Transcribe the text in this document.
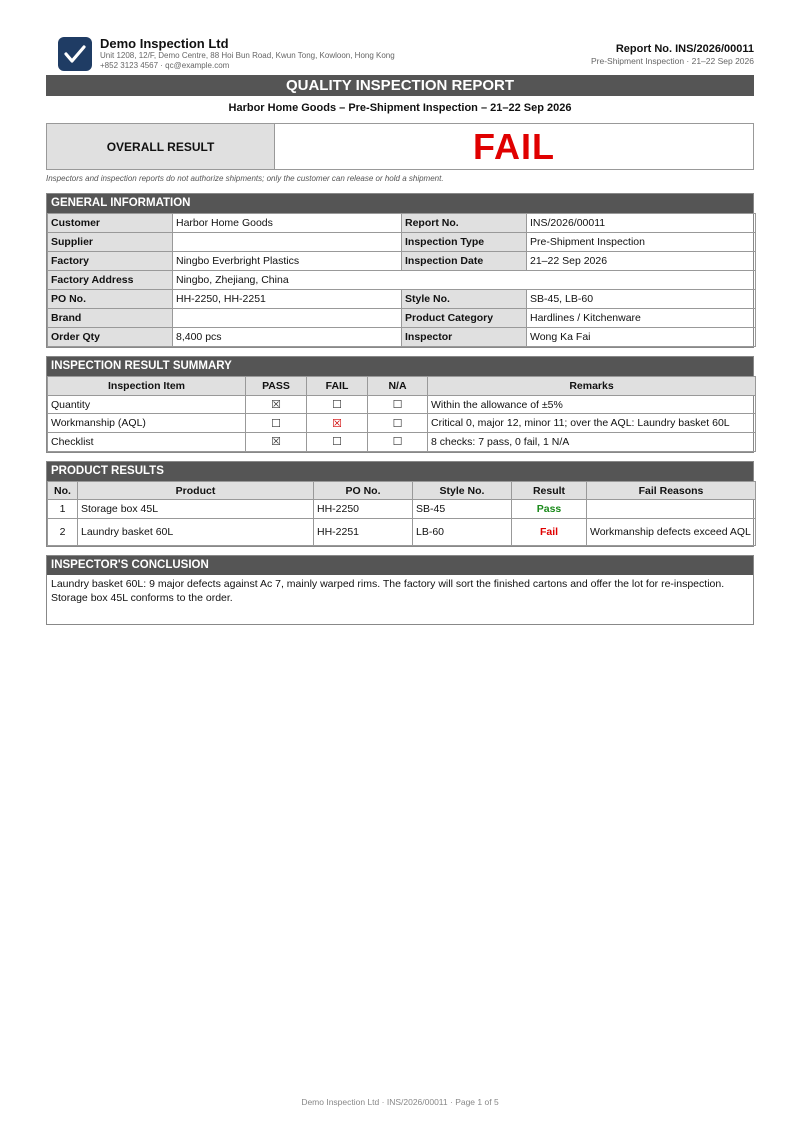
Demo Inspection Ltd
Unit 1208, 12/F, Demo Centre, 88 Hoi Bun Road, Kwun Tong, Kowloon, Hong Kong
+852 3123 4567 · qc@example.com
Report No. INS/2026/00011
Pre-Shipment Inspection · 21–22 Sep 2026
QUALITY INSPECTION REPORT
Harbor Home Goods – Pre-Shipment Inspection – 21–22 Sep 2026
OVERALL RESULT	FAIL
Inspectors and inspection reports do not authorize shipments; only the customer can release or hold a shipment.
GENERAL INFORMATION
Customer	Harbor Home Goods	Report No.	INS/2026/00011
Supplier		Inspection Type	Pre-Shipment Inspection
Factory	Ningbo Everbright Plastics	Inspection Date	21–22 Sep 2026
Factory Address	Ningbo, Zhejiang, China		
PO No.	HH-2250, HH-2251	Style No.	SB-45, LB-60
Brand		Product Category	Hardlines / Kitchenware
Order Qty	8,400 pcs	Inspector	Wong Ka Fai
INSPECTION RESULT SUMMARY
Inspection Item	PASS	FAIL	N/A	Remarks
Quantity	☒	☐	☐	Within the allowance of ±5%
Workmanship (AQL)	☐	☒	☐	Critical 0, major 12, minor 11; over the AQL: Laundry basket 60L
Checklist	☒	☐	☐	8 checks: 7 pass, 0 fail, 1 N/A
PRODUCT RESULTS
No.	Product	PO No.	Style No.	Result	Fail Reasons
1	Storage box 45L	HH-2250	SB-45	Pass	
2	Laundry basket 60L	HH-2251	LB-60	Fail	Workmanship defects exceed AQL
INSPECTOR'S CONCLUSION
Laundry basket 60L: 9 major defects against Ac 7, mainly warped rims. The factory will sort the finished cartons and offer the lot for re-inspection. Storage box 45L conforms to the order.
Demo Inspection Ltd · INS/2026/00011 · Page 1 of 5
